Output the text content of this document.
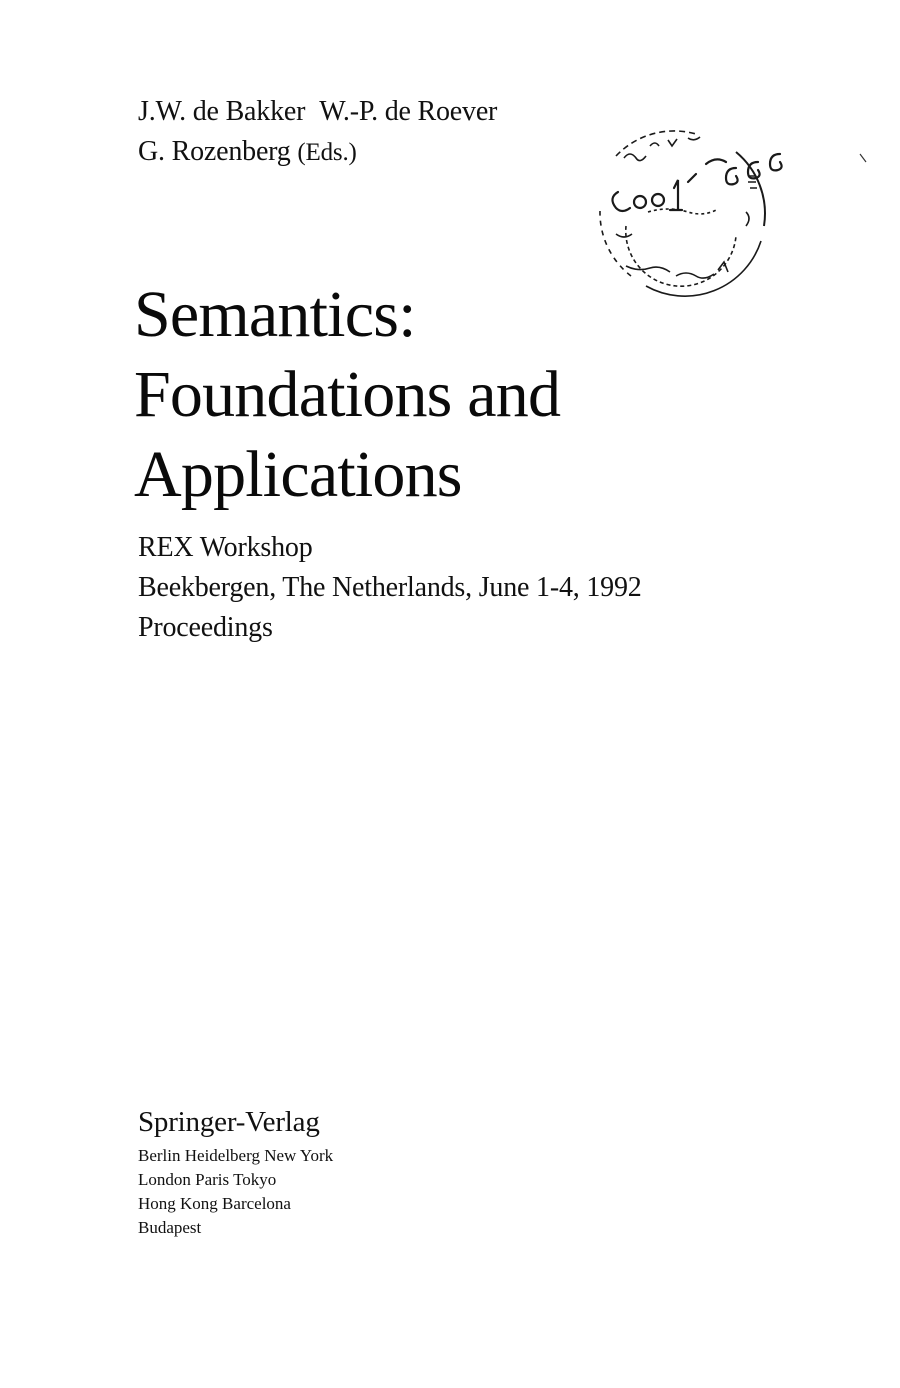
J.W. de Bakker W.-P. de Roever
G. Rozenberg (Eds.)
Semantics:
Foundations and
Applications
REX Workshop
Beekbergen, The Netherlands, June 1-4, 1992
Proceedings
Springer-Verlag
Berlin Heidelberg New York
London Paris Tokyo
Hong Kong Barcelona
Budapest
